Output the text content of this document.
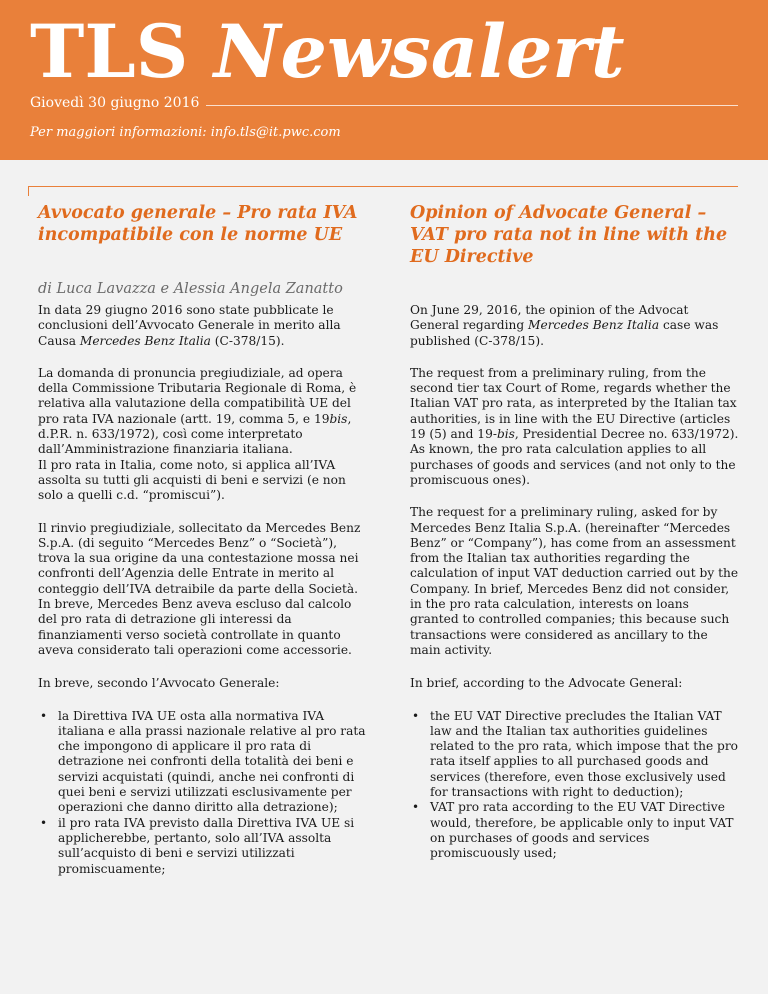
TLS Newsalert
Giovedì 30 giugno 2016
Per maggiori informazioni: info.tls@it.pwc.com
Avvocato generale – Pro rata IVA incompatibile con le norme UE
Opinion of Advocate General – VAT pro rata not in line with the EU Directive
di Luca Lavazza e Alessia Angela Zanatto

In data 29 giugno 2016 sono state pubblicate le conclusioni dell’Avvocato Generale in merito alla Causa Mercedes Benz Italia (C-378/15).

La domanda di pronuncia pregiudiziale, ad opera della Commissione Tributaria Regionale di Roma, è relativa alla valutazione della compatibilità UE del pro rata IVA nazionale (artt. 19, comma 5, e 19bis, d.P.R. n. 633/1972), così come interpretato dall’Amministrazione finanziaria italiana.
Il pro rata in Italia, come noto, si applica all’IVA assolta su tutti gli acquisti di beni e servizi (e non solo a quelli c.d. “promiscui”).

Il rinvio pregiudiziale, sollecitato da Mercedes Benz S.p.A. (di seguito “Mercedes Benz” o “Società”), trova la sua origine da una contestazione mossa nei confronti dell’Agenzia delle Entrate in merito al conteggio dell’IVA detraibile da parte della Società. In breve, Mercedes Benz aveva escluso dal calcolo del pro rata di detrazione gli interessi da finanziamenti verso società controllate in quanto aveva considerato tali operazioni come accessorie.

In breve, secondo l’Avvocato Generale:

• la Direttiva IVA UE osta alla normativa IVA italiana e alla prassi nazionale relative al pro rata che impongono di applicare il pro rata di detrazione nei confronti della totalità dei beni e servizi acquistati (quindi, anche nei confronti di quei beni e servizi utilizzati esclusivamente per operazioni che danno diritto alla detrazione);
• il pro rata IVA previsto dalla Direttiva IVA UE si applicherebbe, pertanto, solo all’IVA assolta sull’acquisto di beni e servizi utilizzati promiscuamente;

On June 29, 2016, the opinion of the Advocat General regarding Mercedes Benz Italia case was published (C-378/15).

The request from a preliminary ruling, from the second tier tax Court of Rome, regards whether the Italian VAT pro rata, as interpreted by the Italian tax authorities, is in line with the EU Directive (articles 19 (5) and 19-bis, Presidential Decree no. 633/1972).
As known, the pro rata calculation applies to all purchases of goods and services (and not only to the promiscuous ones).

The request for a preliminary ruling, asked for by Mercedes Benz Italia S.p.A. (hereinafter “Mercedes Benz” or “Company”), has come from an assessment from the Italian tax authorities regarding the calculation of input VAT deduction carried out by the Company. In brief, Mercedes Benz did not consider, in the pro rata calculation, interests on loans granted to controlled companies; this because such transactions were considered as ancillary to the main activity.

In brief, according to the Advocate General:

• the EU VAT Directive precludes the Italian VAT law and the Italian tax authorities guidelines related to the pro rata, which impose that the pro rata itself applies to all purchased goods and services (therefore, even those exclusively used for transactions with right to deduction);
• VAT pro rata according to the EU VAT Directive would, therefore, be applicable only to input VAT on purchases of goods and services promiscuously used;
